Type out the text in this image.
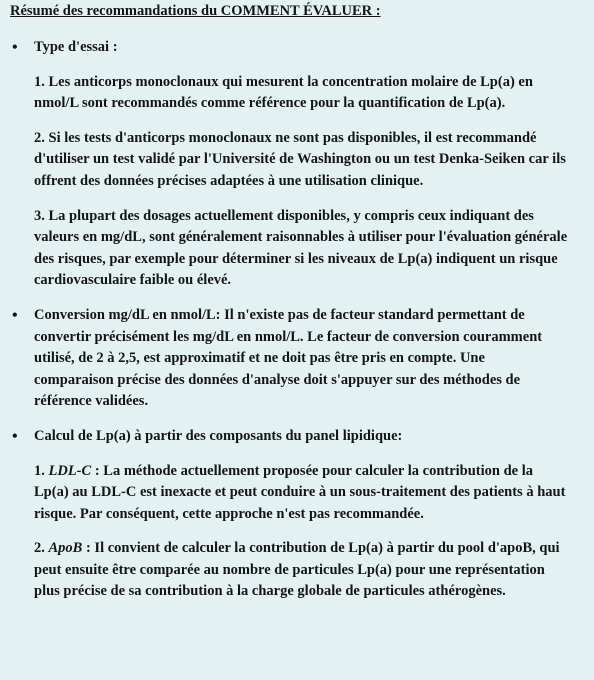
Résumé des recommandations du COMMENT ÉVALUER :
• Type d'essai :
1. Les anticorps monoclonaux qui mesurent la concentration molaire de Lp(a) en nmol/L sont recommandés comme référence pour la quantification de Lp(a).
2. Si les tests d'anticorps monoclonaux ne sont pas disponibles, il est recommandé d'utiliser un test validé par l'Université de Washington ou un test Denka-Seiken car ils offrent des données précises adaptées à une utilisation clinique.
3. La plupart des dosages actuellement disponibles, y compris ceux indiquant des valeurs en mg/dL, sont généralement raisonnables à utiliser pour l'évaluation générale des risques, par exemple pour déterminer si les niveaux de Lp(a) indiquent un risque cardiovasculaire faible ou élevé.
• Conversion mg/dL en nmol/L: Il n'existe pas de facteur standard permettant de convertir précisément les mg/dL en nmol/L. Le facteur de conversion couramment utilisé, de 2 à 2,5, est approximatif et ne doit pas être pris en compte. Une comparaison précise des données d'analyse doit s'appuyer sur des méthodes de référence validées.
• Calcul de Lp(a) à partir des composants du panel lipidique:
1. LDL-C : La méthode actuellement proposée pour calculer la contribution de la Lp(a) au LDL-C est inexacte et peut conduire à un sous-traitement des patients à haut risque. Par conséquent, cette approche n'est pas recommandée.
2. ApoB : Il convient de calculer la contribution de Lp(a) à partir du pool d'apoB, qui peut ensuite être comparée au nombre de particules Lp(a) pour une représentation plus précise de sa contribution à la charge globale de particules athérogènes.
